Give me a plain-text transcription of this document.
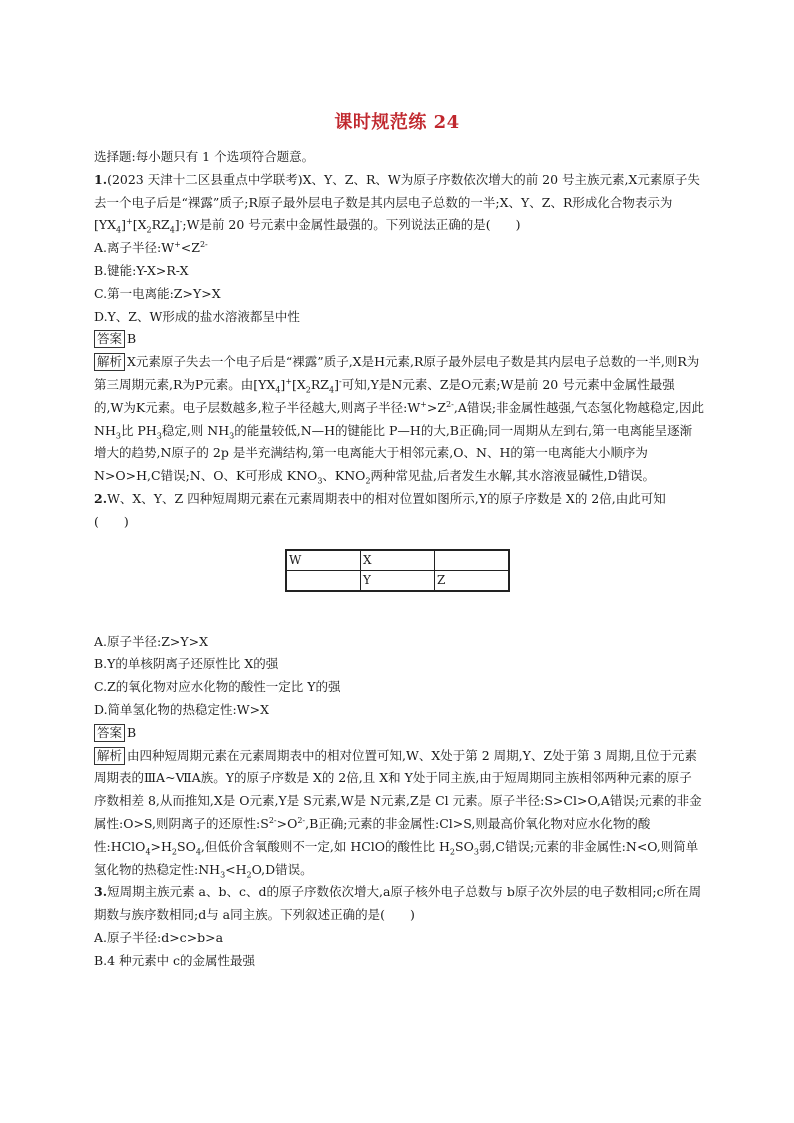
课时规范练 24

选择题:每小题只有 1 个选项符合题意。

1.(2023 天津十二区县重点中学联考)X、Y、Z、R、W为原子序数依次增大的前 20 号主族元素,X元素原子失去一个电子后是“裸露”质子;R原子最外层电子数是其内层电子总数的一半;X、Y、Z、R形成化合物表示为$[YX_4]^+[X_2RZ_4]^-;W$是前 20 号元素中金属性最强的。下列说法正确的是(　　)

A.离子半径$:W^+<Z^{2-}$

B.键能:Y-X>R-X

C.第一电离能:Z>Y>X

D.Y、Z、W形成的盐水溶液都呈中性

答案 B

解析 X元素原子失去一个电子后是“裸露”质子,X是H元素,R原子最外层电子数是其内层电子总数的一半,则R为第三周期元素,R为P元素。由$[YX_4]^+[X_2RZ_4]^-$可知,Y是N元素、Z是O元素;W是前 20 号元素中金属性最强的,W为K元素。电子层数越多,粒子半径越大,则离子半径$:W^+>Z^{2-},A$错误;非金属性越强,气态氢化物越稳定,因此 $NH_3$比 $PH_3$稳定,则 $NH_3$的能量较低,N—H的键能比 P—H的大,B正确;同一周期从左到右,第一电离能呈逐渐增大的趋势,N原子的 2p 是半充满结构,第一电离能大于相邻元素,O、N、H的第一电离能大小顺序为 N>O>H,C错误;N、O、K可形成 $KNO_3$、$KNO_2$两种常见盐,后者发生水解,其水溶液显碱性,D错误。

2.W、X、Y、Z 四种短周期元素在元素周期表中的相对位置如图所示,Y的原子序数是 X的 2倍,由此可知　　　　　　(　　)

W	X	
	Y	Z

A.原子半径:Z>Y>X

B.Y的单核阴离子还原性比 X的强

C.Z的氧化物对应水化物的酸性一定比 Y的强

D.简单氢化物的热稳定性:W>X

答案 B

解析 由四种短周期元素在元素周期表中的相对位置可知,W、X处于第 2 周期,Y、Z处于第 3 周期,且位于元素周期表的ⅢA~ⅦA族。Y的原子序数是 X的 2倍,且 X和 Y处于同主族,由于短周期同主族相邻两种元素的原子序数相差 8,从而推知,X是 O元素,Y是 S元素,W是 N元素,Z是 Cl 元素。原子半径:S>Cl>O,A错误;元素的非金属性:O>S,则阴离子的还原性$:S^{2-}>O^{2-},B$正确;元素的非金属性:Cl>S,则最高价氧化物对应水化物的酸性$:HClO_4>H_2SO_4$,但低价含氧酸则不一定,如 HClO的酸性比 $H_2SO_3$弱,C错误;元素的非金属性:N<O,则简单氢化物的热稳定性$:NH_3<H_2O,D$错误。

3.短周期主族元素 a、b、c、d的原子序数依次增大,a原子核外电子总数与 b原子次外层的电子数相同;c所在周期数与族序数相同;d与 a同主族。下列叙述正确的是(　　)

A.原子半径:d>c>b>a

B.4 种元素中 c的金属性最强
